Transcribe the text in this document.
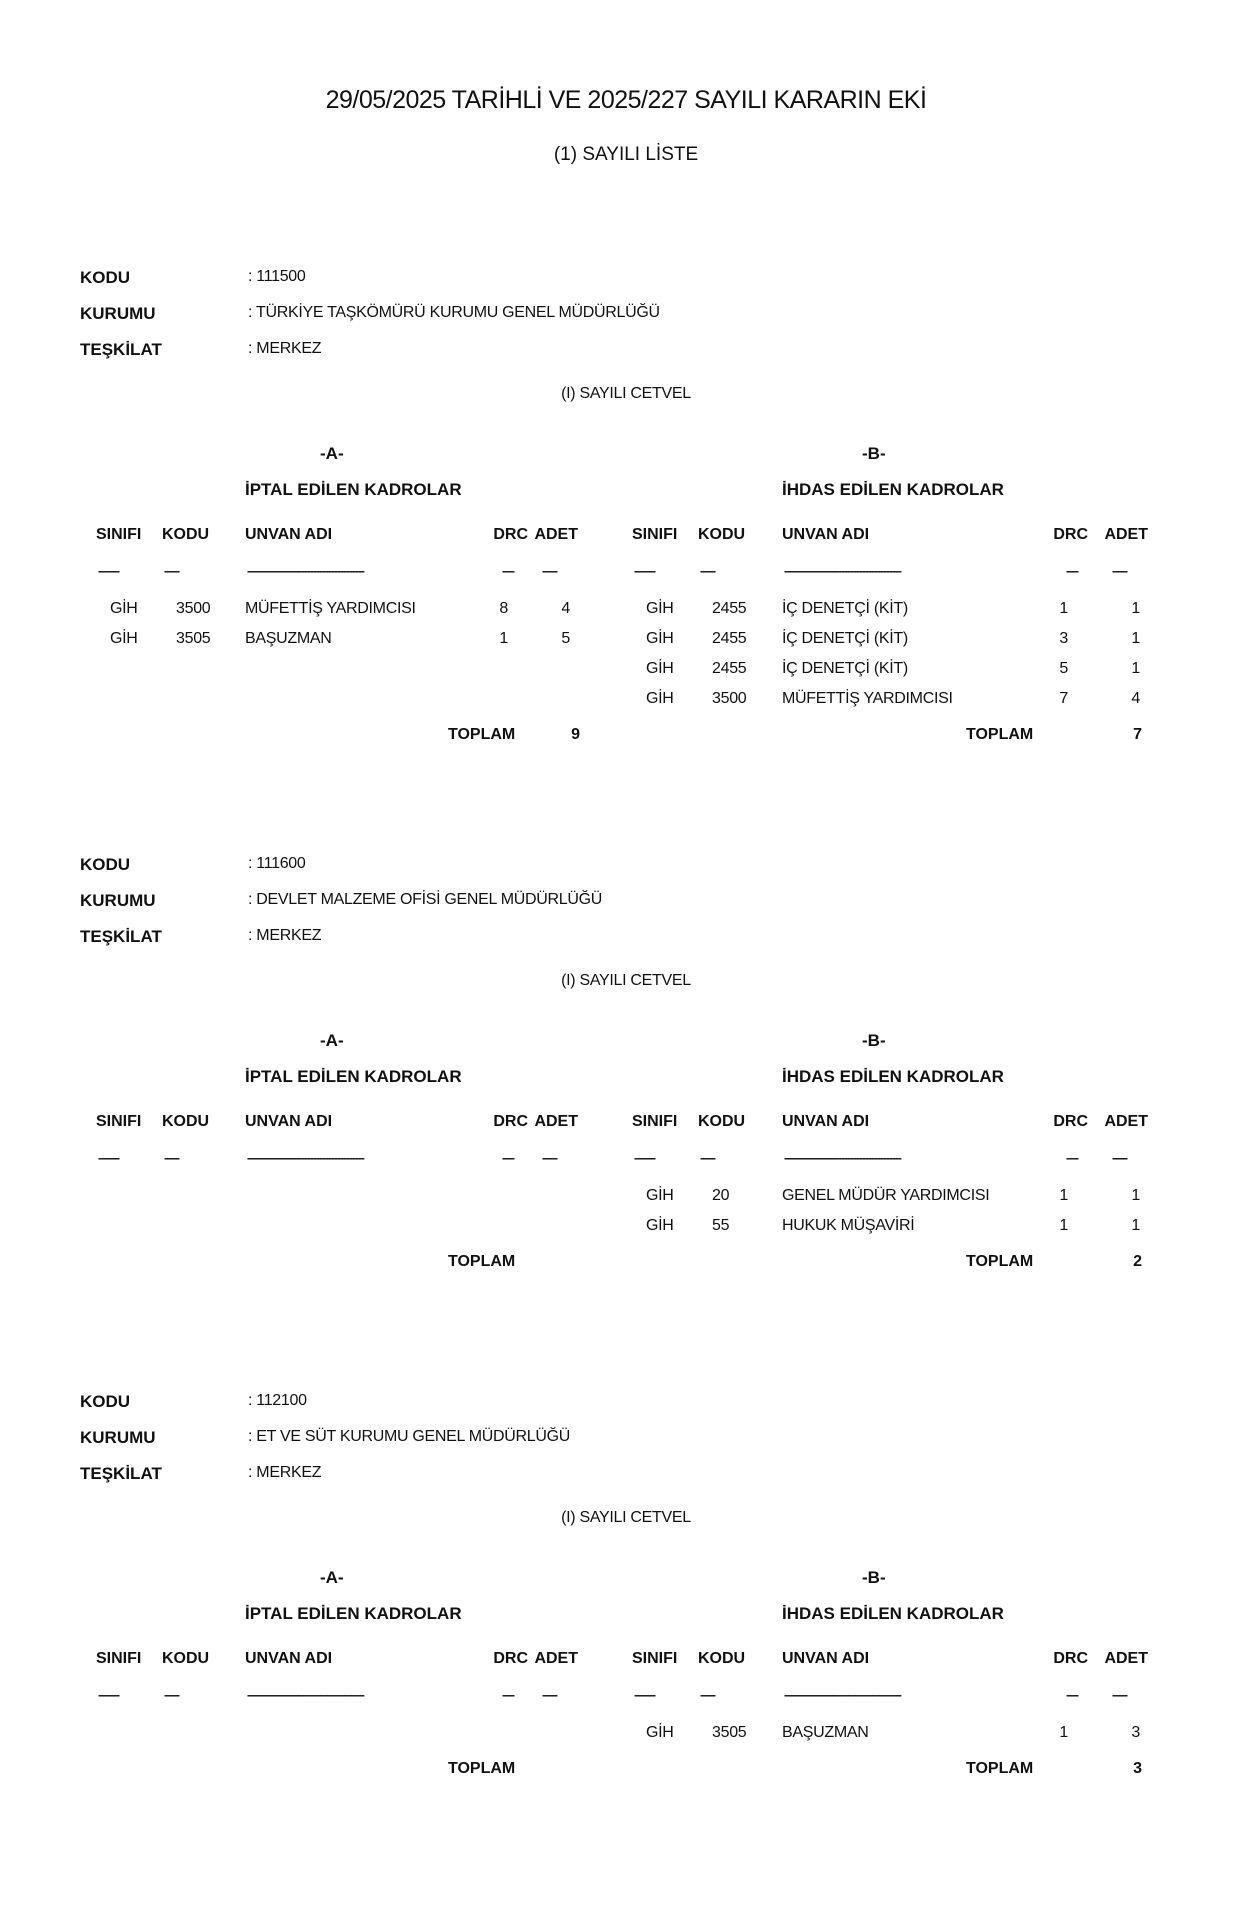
29/05/2025 TARİHLİ VE 2025/227 SAYILI KARARIN EKİ
(1) SAYILI LİSTE
KODU	: 111500
KURUMU	: TÜRKİYE TAŞKÖMÜRÜ KURUMU GENEL MÜDÜRLÜĞÜ
TEŞKİLAT	: MERKEZ
(I) SAYILI CETVEL
-A-
İPTAL EDİLEN KADROLAR
SINIFI KODU UNVAN ADI	DRC ADET
-------	-----	---------------------------------------	----	-----
GİH 3500 MÜFETTİŞ YARDIMCISI	8	4
GİH 3505 BAŞUZMAN	1	5
TOPLAM	9
-B-
İHDAS EDİLEN KADROLAR
SINIFI KODU UNVAN ADI	DRC	ADET
-------	-----	---------------------------------------	----	-----
GİH 2455 İÇ DENETÇİ (KİT)	1	1
GİH 2455 İÇ DENETÇİ (KİT)	3	1
GİH 2455 İÇ DENETÇİ (KİT)	5	1
GİH 3500 MÜFETTİŞ YARDIMCISI	7	4
TOPLAM	7
KODU	: 111600
KURUMU	: DEVLET MALZEME OFİSİ GENEL MÜDÜRLÜĞÜ
TEŞKİLAT	: MERKEZ
(I) SAYILI CETVEL
-A-
İPTAL EDİLEN KADROLAR
SINIFI KODU UNVAN ADI	DRC ADET
-------	-----	---------------------------------------	----	-----
TOPLAM
-B-
İHDAS EDİLEN KADROLAR
SINIFI KODU UNVAN ADI	DRC	ADET
-------	-----	---------------------------------------	----	-----
GİH 20	GENEL MÜDÜR YARDIMCISI	1	1
GİH 55	HUKUK MÜŞAVİRİ	1	1
TOPLAM	2
KODU	: 112100
KURUMU	: ET VE SÜT KURUMU GENEL MÜDÜRLÜĞÜ
TEŞKİLAT	: MERKEZ
(I) SAYILI CETVEL
-A-
İPTAL EDİLEN KADROLAR
SINIFI KODU UNVAN ADI	DRC ADET
-------	-----	---------------------------------------	----	-----
TOPLAM
-B-
İHDAS EDİLEN KADROLAR
SINIFI KODU UNVAN ADI	DRC	ADET
-------	-----	---------------------------------------	----	-----
GİH 3505 BAŞUZMAN	1	3
TOPLAM	3
